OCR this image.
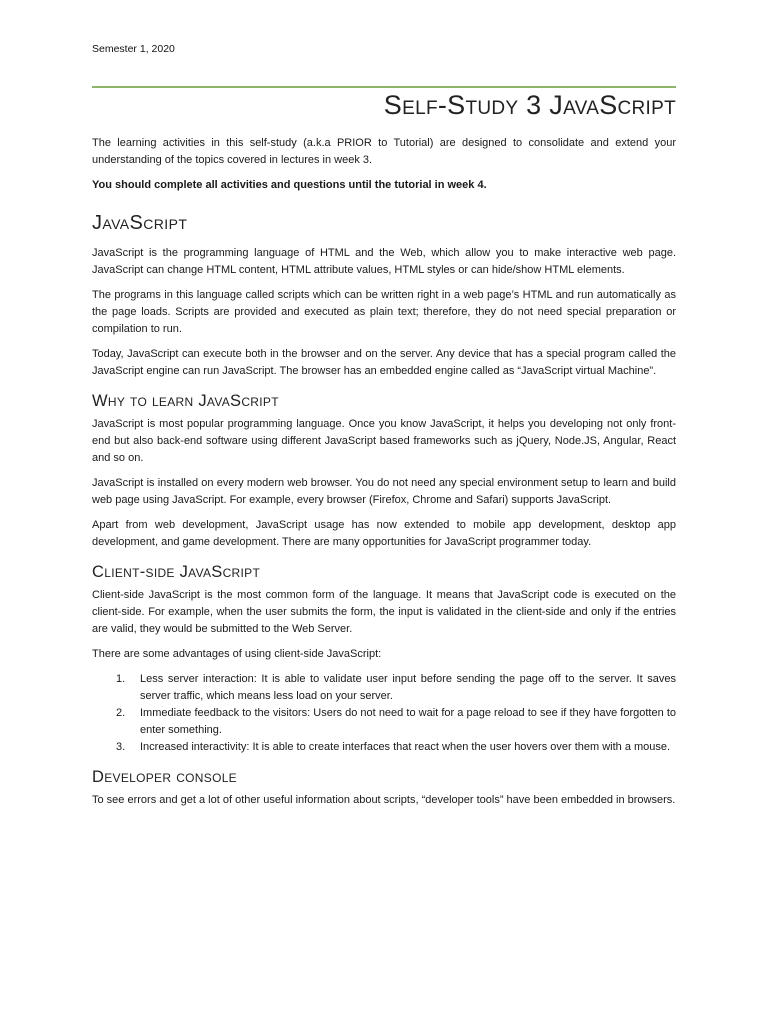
Semester 1, 2020
Self-Study 3 JavaScript

The learning activities in this self-study (a.k.a PRIOR to Tutorial) are designed to consolidate and extend your understanding of the topics covered in lectures in week 3.

You should complete all activities and questions until the tutorial in week 4.

JavaScript

JavaScript is the programming language of HTML and the Web, which allow you to make interactive web page. JavaScript can change HTML content, HTML attribute values, HTML styles or can hide/show HTML elements.

The programs in this language called scripts which can be written right in a web page’s HTML and run automatically as the page loads. Scripts are provided and executed as plain text; therefore, they do not need special preparation or compilation to run.

Today, JavaScript can execute both in the browser and on the server. Any device that has a special program called the JavaScript engine can run JavaScript. The browser has an embedded engine called as “JavaScript virtual Machine”.

Why to learn JavaScript

JavaScript is most popular programming language. Once you know JavaScript, it helps you developing not only front-end but also back-end software using different JavaScript based frameworks such as jQuery, Node.JS, Angular, React and so on.

JavaScript is installed on every modern web browser. You do not need any special environment setup to learn and build web page using JavaScript. For example, every browser (Firefox, Chrome and Safari) supports JavaScript.

Apart from web development, JavaScript usage has now extended to mobile app development, desktop app development, and game development. There are many opportunities for JavaScript programmer today.

Client-side JavaScript

Client-side JavaScript is the most common form of the language. It means that JavaScript code is executed on the client-side. For example, when the user submits the form, the input is validated in the client-side and only if the entries are valid, they would be submitted to the Web Server.

There are some advantages of using client-side JavaScript:

1. Less server interaction: It is able to validate user input before sending the page off to the server. It saves server traffic, which means less load on your server.
2. Immediate feedback to the visitors: Users do not need to wait for a page reload to see if they have forgotten to enter something.
3. Increased interactivity: It is able to create interfaces that react when the user hovers over them with a mouse.
Developer console

To see errors and get a lot of other useful information about scripts, “developer tools” have been embedded in browsers.
